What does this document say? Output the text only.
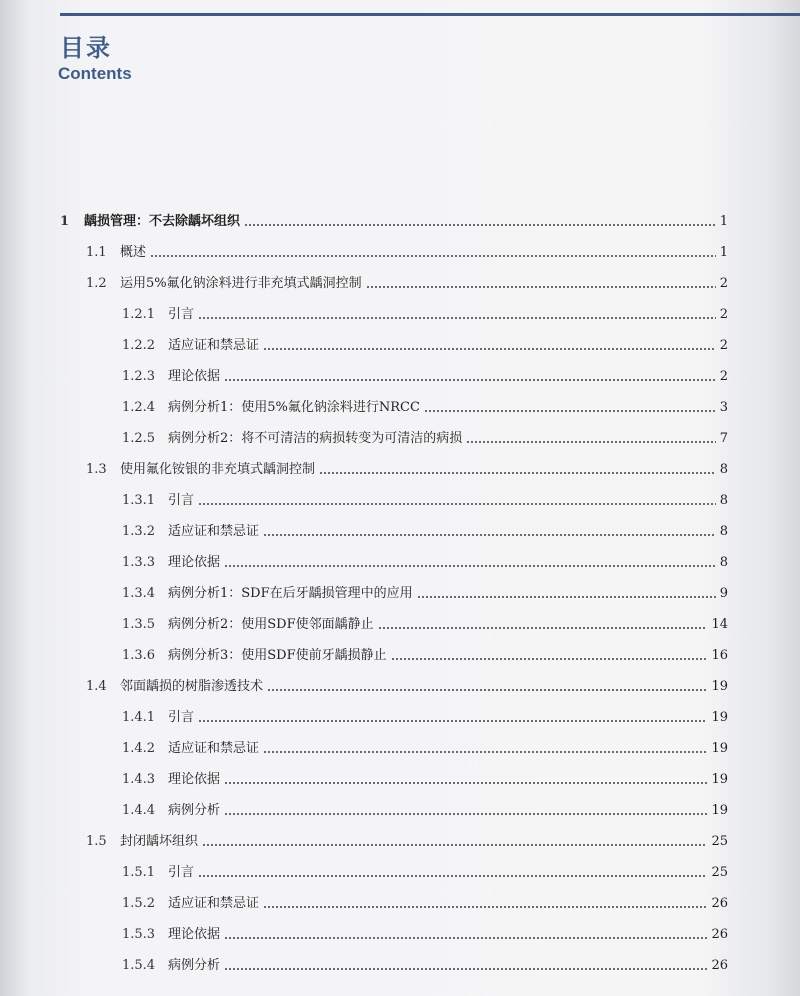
目录
Contents
1	龋损管理：不去除龋坏组织	1
1.1	概述	1
1.2	运用5%氟化钠涂料进行非充填式龋洞控制	2
1.2.1 引言	2
1.2.2 适应证和禁忌证	2
1.2.3 理论依据	2
1.2.4 病例分析1：使用5%氟化钠涂料进行NRCC	3
1.2.5 病例分析2：将不可清洁的病损转变为可清洁的病损	7
1.3	使用氟化铵银的非充填式龋洞控制	8
1.3.1 引言	8
1.3.2 适应证和禁忌证	8
1.3.3 理论依据	8
1.3.4 病例分析1：SDF在后牙龋损管理中的应用	9
1.3.5 病例分析2：使用SDF使邻面龋静止	14
1.3.6 病例分析3：使用SDF使前牙龋损静止	16
1.4	邻面龋损的树脂渗透技术	19
1.4.1 引言	19
1.4.2 适应证和禁忌证	19
1.4.3 理论依据	19
1.4.4 病例分析	19
1.5	封闭龋坏组织	25
1.5.1 引言	25
1.5.2 适应证和禁忌证	26
1.5.3 理论依据	26
1.5.4 病例分析	26
